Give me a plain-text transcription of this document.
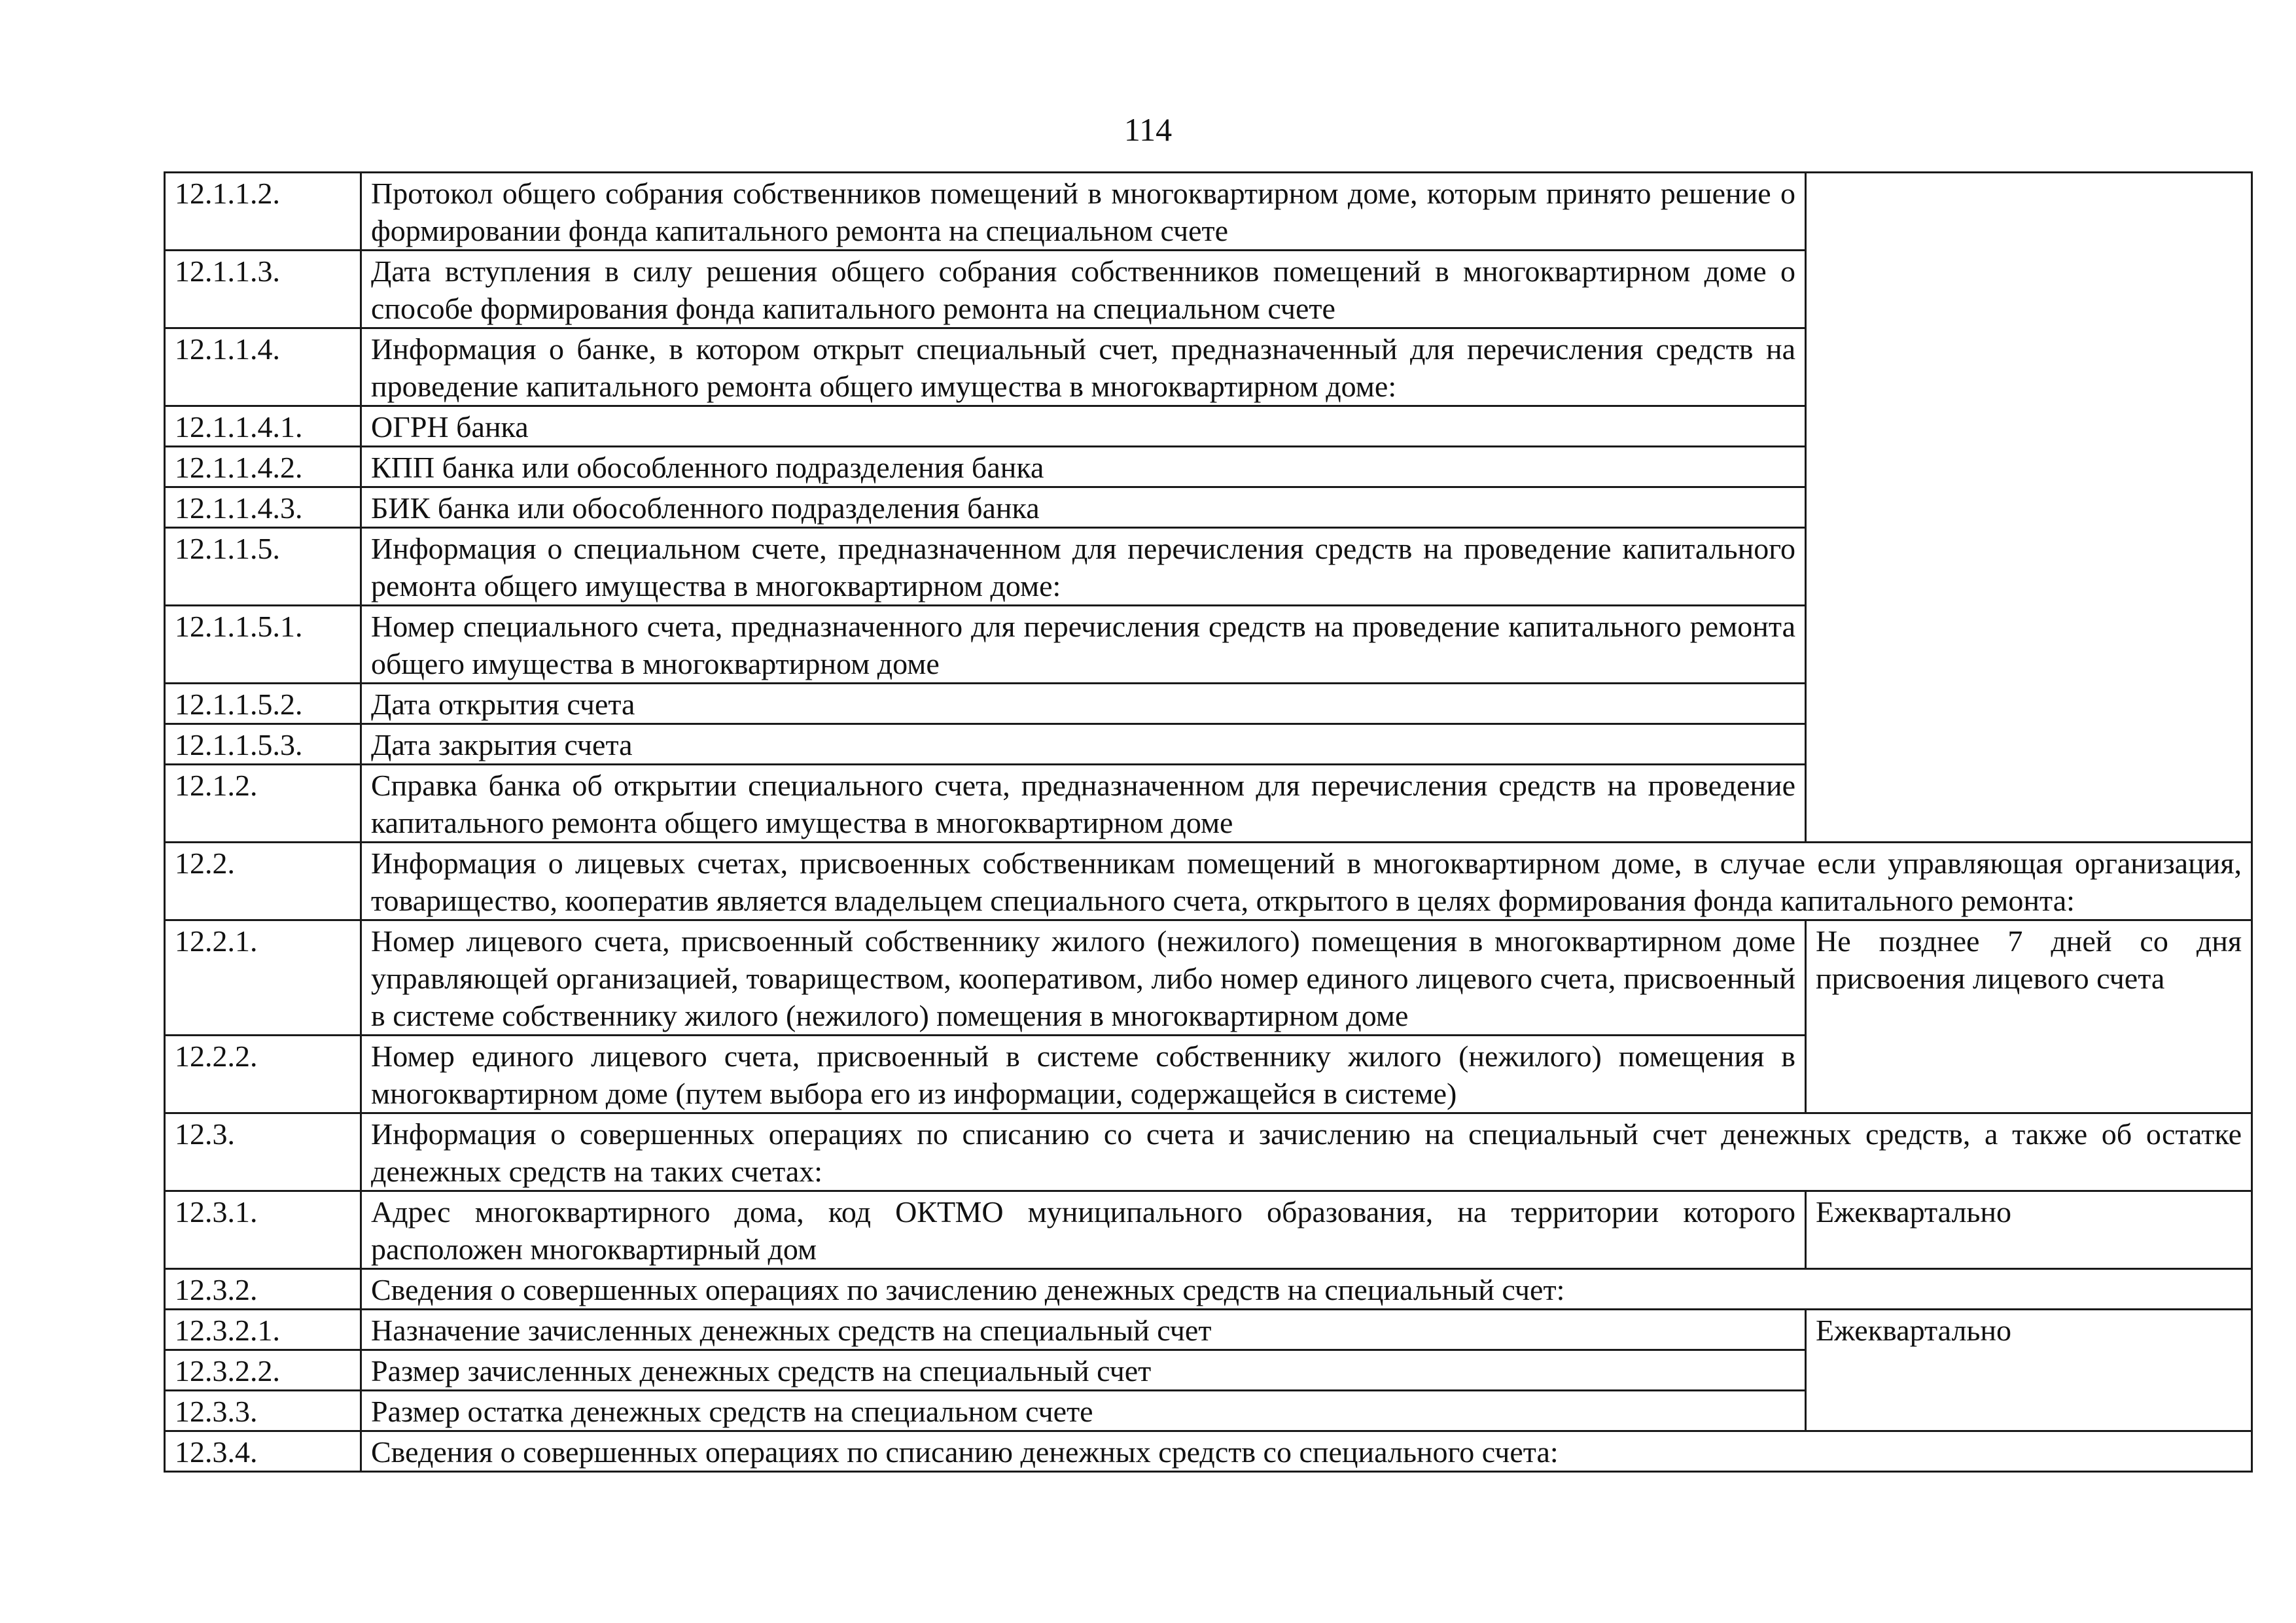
114
12.1.1.2.	Протокол общего собрания собственников помещений в многоквартирном доме, которым принято решение о формировании фонда капитального ремонта на специальном счете	
12.1.1.3.	Дата вступления в силу решения общего собрания собственников помещений в многоквартирном доме о способе формирования фонда капитального ремонта на специальном счете	
12.1.1.4.	Информация о банке, в котором открыт специальный счет, предназначенный для перечисления средств на проведение капитального ремонта общего имущества в многоквартирном доме:	
12.1.1.4.1.	ОГРН банка	
12.1.1.4.2.	КПП банка или обособленного подразделения банка	
12.1.1.4.3.	БИК банка или обособленного подразделения банка	
12.1.1.5.	Информация о специальном счете, предназначенном для перечисления средств на проведение капитального ремонта общего имущества в многоквартирном доме:	
12.1.1.5.1.	Номер специального счета, предназначенного для перечисления средств на проведение капитального ремонта общего имущества в многоквартирном доме	
12.1.1.5.2.	Дата открытия счета	
12.1.1.5.3.	Дата закрытия счета	
12.1.2.	Справка банка об открытии специального счета, предназначенном для перечисления средств на проведение капитального ремонта общего имущества в многоквартирном доме	
12.2.	Информация о лицевых счетах, присвоенных собственникам помещений в многоквартирном доме, в случае если управляющая организация, товарищество, кооператив является владельцем специального счета, открытого в целях формирования фонда капитального ремонта:	
12.2.1.	Номер лицевого счета, присвоенный собственнику жилого (нежилого) помещения в многоквартирном доме управляющей организацией, товариществом, кооперативом, либо номер единого лицевого счета, присвоенный в системе собственнику жилого (нежилого) помещения в многоквартирном доме	Не позднее 7 дней со дня присвоения лицевого счета
12.2.2.	Номер единого лицевого счета, присвоенный в системе собственнику жилого (нежилого) помещения в многоквартирном доме (путем выбора его из информации, содержащейся в системе)	
12.3.	Информация о совершенных операциях по списанию со счета и зачислению на специальный счет денежных средств, а также об остатке денежных средств на таких счетах:	
12.3.1.	Адрес многоквартирного дома, код ОКТМО муниципального образования, на территории которого расположен многоквартирный дом	Ежеквартально
12.3.2.	Сведения о совершенных операциях по зачислению денежных средств на специальный счет:	
12.3.2.1.	Назначение зачисленных денежных средств на специальный счет	Ежеквартально
12.3.2.2.	Размер зачисленных денежных средств на специальный счет	
12.3.3.	Размер остатка денежных средств на специальном счете	
12.3.4.	Сведения о совершенных операциях по списанию денежных средств со специального счета:	
